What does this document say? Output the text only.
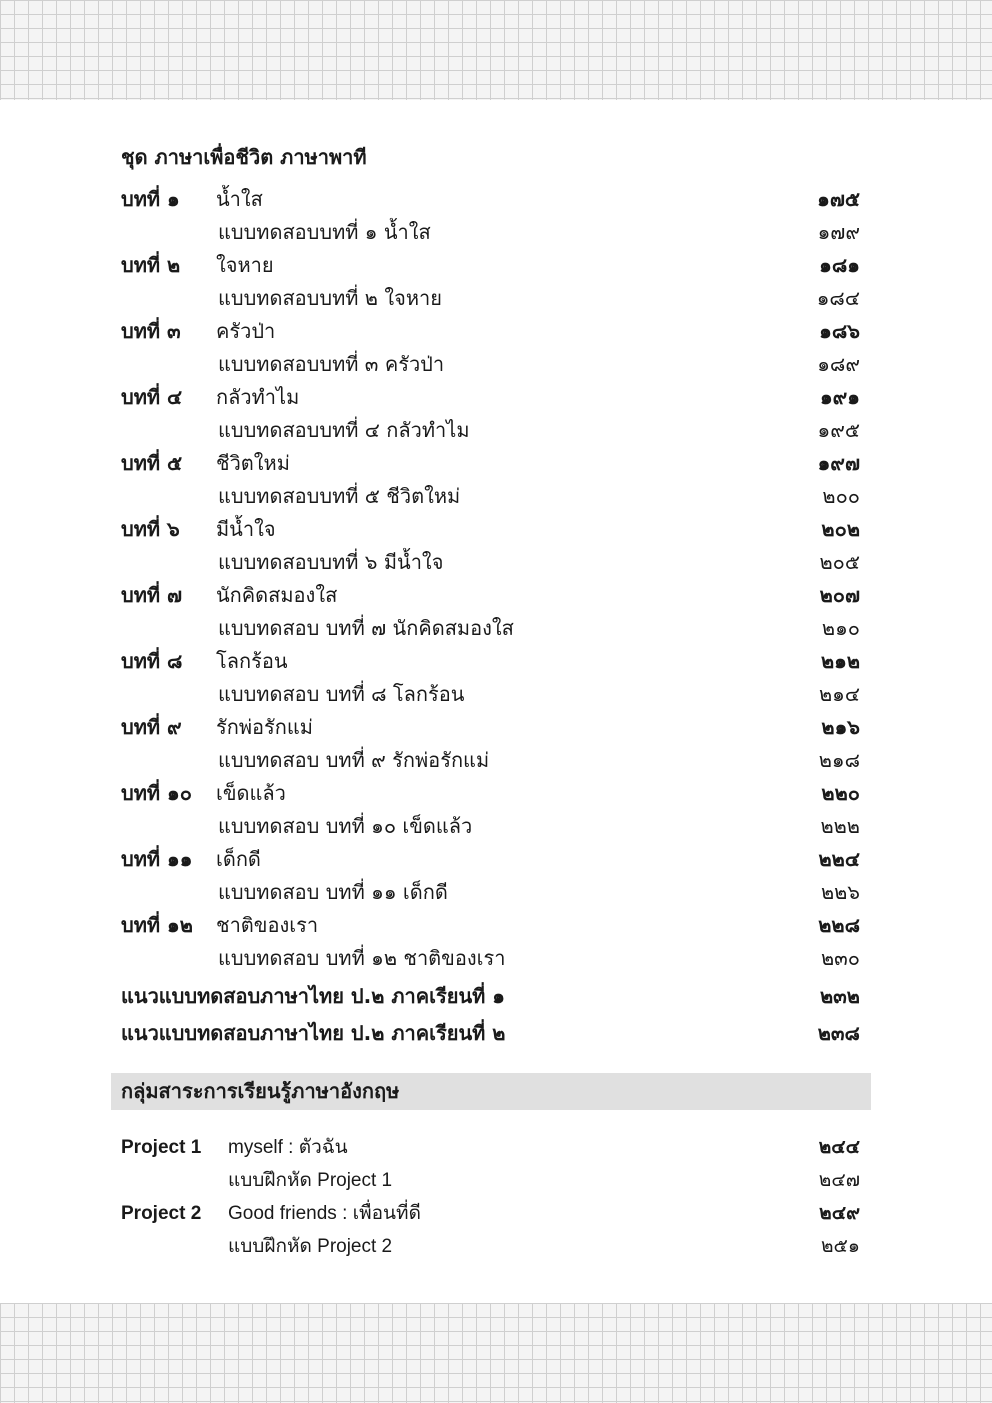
ชุด ภาษาเพื่อชีวิต ภาษาพาที
บทที่ ๑ น้ำใส	๑๗๕
แบบทดสอบบทที่ ๑ น้ำใส	๑๗๙
บทที่ ๒ ใจหาย	๑๘๑
แบบทดสอบบทที่ ๒ ใจหาย	๑๘๔
บทที่ ๓ ครัวป่า	๑๘๖
แบบทดสอบบทที่ ๓ ครัวป่า	๑๘๙
บทที่ ๔ กลัวทำไม	๑๙๑
แบบทดสอบบทที่ ๔ กลัวทำไม	๑๙๕
บทที่ ๕ ชีวิตใหม่	๑๙๗
แบบทดสอบบทที่ ๕ ชีวิตใหม่	๒๐๐
บทที่ ๖ มีน้ำใจ	๒๐๒
แบบทดสอบบทที่ ๖ มีน้ำใจ	๒๐๕
บทที่ ๗ นักคิดสมองใส	๒๐๗
แบบทดสอบ บทที่ ๗ นักคิดสมองใส	๒๑๐
บทที่ ๘ โลกร้อน	๒๑๒
แบบทดสอบ บทที่ ๘ โลกร้อน	๒๑๔
บทที่ ๙ รักพ่อรักแม่	๒๑๖
แบบทดสอบ บทที่ ๙ รักพ่อรักแม่	๒๑๘
บทที่ ๑๐ เข็ดแล้ว	๒๒๐
แบบทดสอบ บทที่ ๑๐ เข็ดแล้ว	๒๒๒
บทที่ ๑๑ เด็กดี	๒๒๔
แบบทดสอบ บทที่ ๑๑ เด็กดี	๒๒๖
บทที่ ๑๒ ชาติของเรา	๒๒๘
แบบทดสอบ บทที่ ๑๒ ชาติของเรา	๒๓๐
แนวแบบทดสอบภาษาไทย ป.๒ ภาคเรียนที่ ๑	๒๓๒
แนวแบบทดสอบภาษาไทย ป.๒ ภาคเรียนที่ ๒	๒๓๘
กลุ่มสาระการเรียนรู้ภาษาอังกฤษ
Project 1 myself : ตัวฉัน	๒๔๔
แบบฝึกหัด Project 1	๒๔๗
Project 2 Good friends : เพื่อนที่ดี	๒๔๙
แบบฝึกหัด Project 2	๒๕๑
